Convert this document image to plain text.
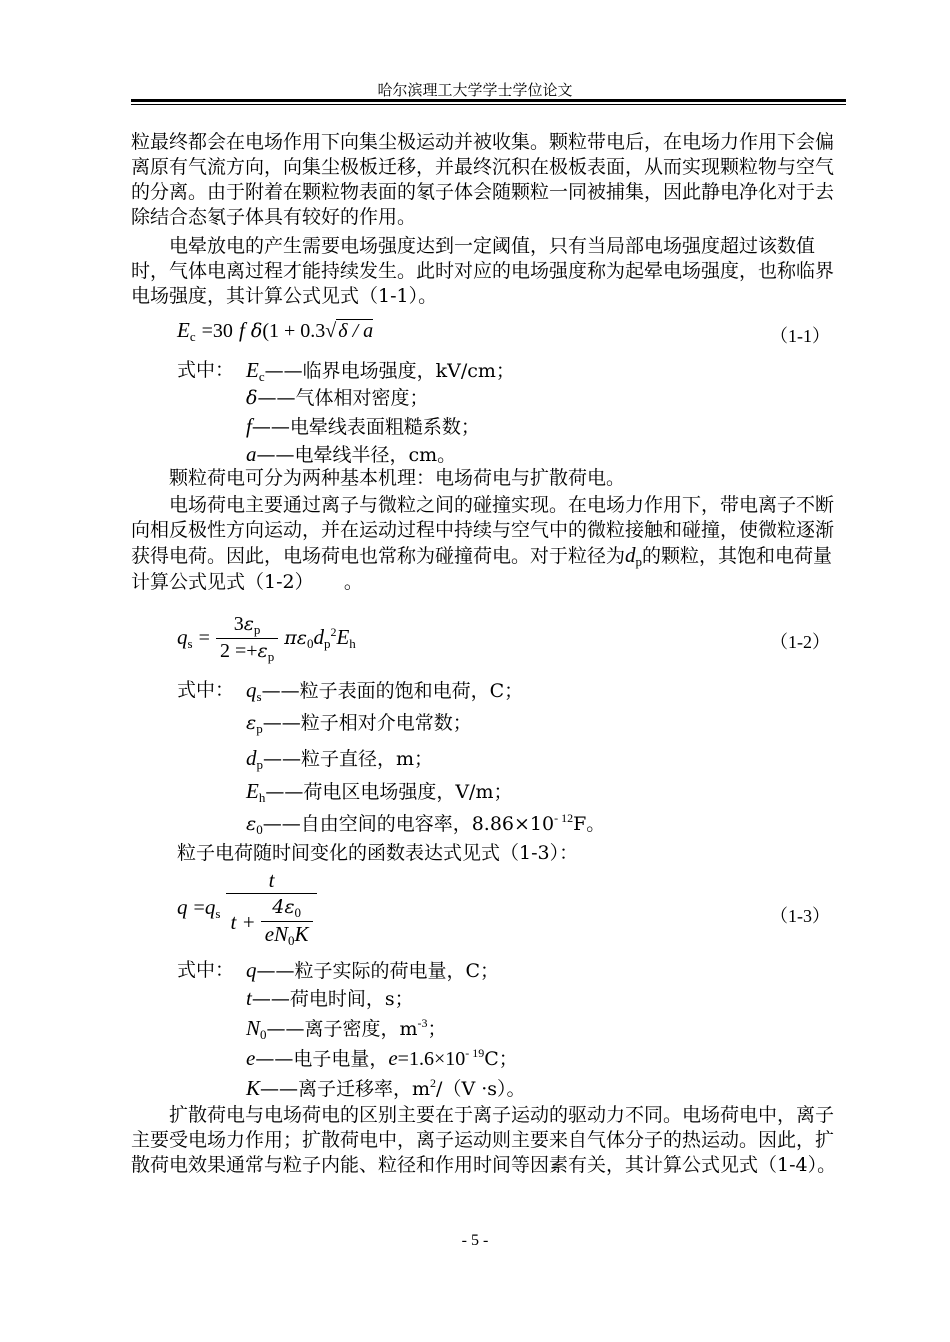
哈尔滨理工大学学士学位论文

粒最终都会在电场作用下向集尘极运动并被收集。颗粒带电后，在电场力作用下会偏离原有气流方向，向集尘极板迁移，并最终沉积在极板表面，从而实现颗粒物与空气的分离。由于附着在颗粒物表面的氡子体会随颗粒一同被捕集，因此静电净化对于去除结合态氡子体具有较好的作用。

电晕放电的产生需要电场强度达到一定阈值，只有当局部电场强度超过该数值时，气体电离过程才能持续发生。此时对应的电场强度称为起晕电场强度，也称临界电场强度，其计算公式见式（1-1）。

$E_c =30$ f δ(1 + 0.3√ δ / a	（1-1）
式中： $E_c——$临界电场强度，kV/cm；
δ——气体相对密度；
f——电晕线表面粗糙系数；
a——电晕线半径，cm。

颗粒荷电可分为两种基本机理：电场荷电与扩散荷电。

电场荷电主要通过离子与微粒之间的碰撞实现。在电场力作用下，带电离子不断向相反极性方向运动，并在运动过程中持续与空气中的微粒接触和碰撞，使微粒逐渐获得电荷。因此，电场荷电也常称为碰撞荷电。对于粒径为$d_p$的颗粒，其饱和电荷量计算公式见式（1-2） 。

$q_s = \frac{3\varepsilon_p}{2 =+\varepsilon_p} \pi\varepsilon_0d_p^2E_h$	（1-2）
式中： $q_s——$粒子表面的饱和电荷，C；
$\varepsilon_p——$粒子相对介电常数；
$d_p——$粒子直径，m；
$E_h——$荷电区电场强度，V/m；
$\varepsilon_0——$自由空间的电容率，$8.86\times 10^{- 12}F$。
粒子电荷随时间变化的函数表达式见式（1-3）：
$q =q_s \frac{t}{t + \frac{4\varepsilon_0}{eN0K}}$	（1-3）
式中： q——粒子实际的荷电量，C；
t——荷电时间，s；
$N_0——$离子密度，$m^{-3}$；
e——电子电量，$e=1.6\times 10^{- 19}C$；
K——离子迁移率，$m^2/(V \cdot s)$。

扩散荷电与电场荷电的区别主要在于离子运动的驱动力不同。电场荷电中，离子主要受电场力作用；扩散荷电中，离子运动则主要来自气体分子的热运动。因此，扩散荷电效果通常与粒子内能、粒径和作用时间等因素有关，其计算公式见式（1-4）。

- 5 -
